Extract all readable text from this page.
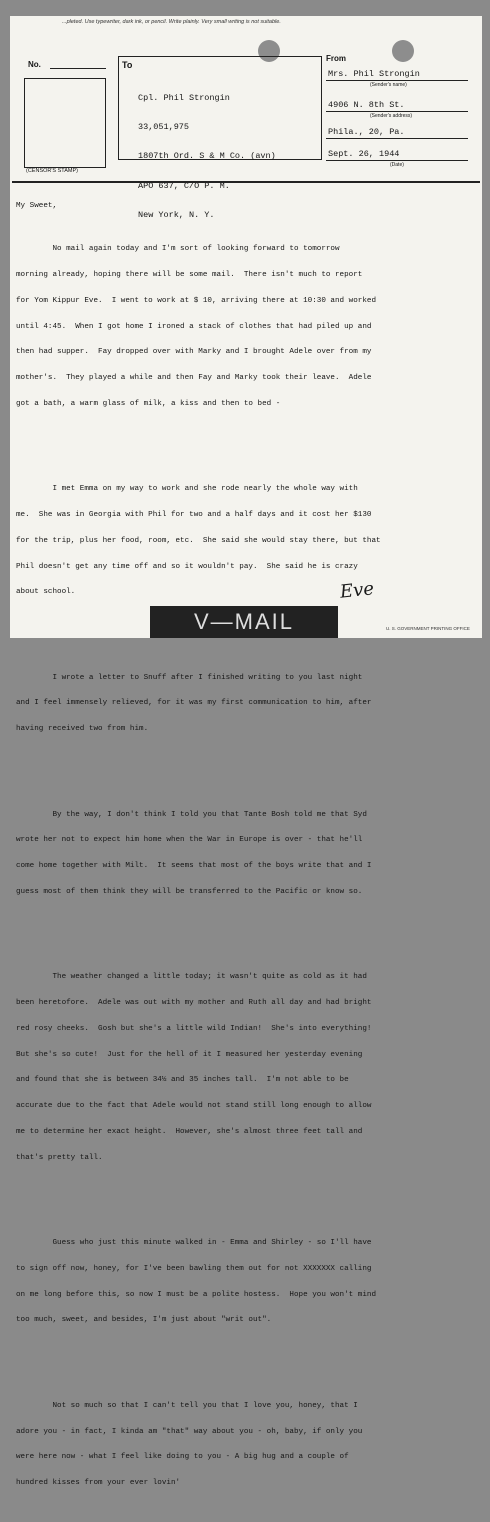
...pleted. Use typewriter, dark ink, or pencil. Write plainly. Very small writing is not suitable.
No.
(CENSOR'S STAMP)
To

Cpl. Phil Strongin

33,051,975

1807th Ord. S & M Co. (avn)

APO 637, C/O P. M.

New York, N. Y.

From
Mrs. Phil Strongin
(Sender's name)
4906 N. 8th St.
(Sender's address)
Phila., 20, Pa.
Sept. 26, 1944
(Date)

My Sweet,

No mail again today and I'm sort of looking forward to tomorrow

morning already, hoping there will be some mail.  There isn't much to report

for Yom Kippur Eve.  I went to work at $ 10, arriving there at 10:30 and worked

until 4:45.  When I got home I ironed a stack of clothes that had piled up and

then had supper.  Fay dropped over with Marky and I brought Adele over from my

mother's.  They played a while and then Fay and Marky took their leave.  Adele

got a bath, a warm glass of milk, a kiss and then to bed -

I met Emma on my way to work and she rode nearly the whole way with

me.  She was in Georgia with Phil for two and a half days and it cost her $130

for the trip, plus her food, room, etc.  She said she would stay there, but that

Phil doesn't get any time off and so it wouldn't pay.  She said he is crazy

about school.

I wrote a letter to Snuff after I finished writing to you last night

and I feel immensely relieved, for it was my first communication to him, after

having received two from him.

By the way, I don't think I told you that Tante Bosh told me that Syd

wrote her not to expect him home when the War in Europe is over - that he'll

come home together with Milt.  It seems that most of the boys write that and I

guess most of them think they will be transferred to the Pacific or know so.

The weather changed a little today; it wasn't quite as cold as it had

been heretofore.  Adele was out with my mother and Ruth all day and had bright

red rosy cheeks.  Gosh but she's a little wild Indian!  She's into everything!

But she's so cute!  Just for the hell of it I measured her yesterday evening

and found that she is between 34½ and 35 inches tall.  I'm not able to be

accurate due to the fact that Adele would not stand still long enough to allow

me to determine her exact height.  However, she's almost three feet tall and

that's pretty tall.

Guess who just this minute walked in - Emma and Shirley - so I'll have

to sign off now, honey, for I've been bawling them out for not XXXXXXX calling

on me long before this, so now I must be a polite hostess.  Hope you won't mind

too much, sweet, and besides, I'm just about "writ out".

Not so much so that I can't tell you that I love you, honey, that I

adore you - in fact, I kinda am "that" way about you - oh, baby, if only you

were here now - what I feel like doing to you - A big hug and a couple of

hundred kisses from your ever lovin'

Eve
V—MAIL	U. S. GOVERNMENT PRINTING OFFICE
